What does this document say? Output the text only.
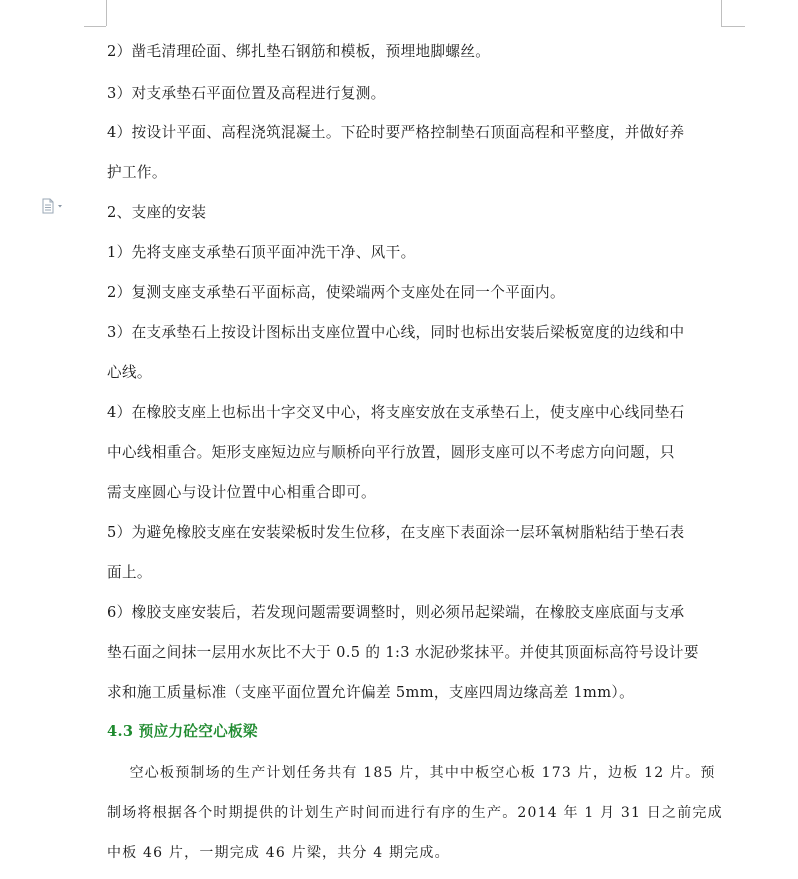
2）凿毛清理砼面、绑扎垫石钢筋和模板，预埋地脚螺丝。
3）对支承垫石平面位置及高程进行复测。
4）按设计平面、高程浇筑混凝土。下砼时要严格控制垫石顶面高程和平整度，并做好养
护工作。
2、支座的安装
1）先将支座支承垫石顶平面冲洗干净、风干。
2）复测支座支承垫石平面标高，使梁端两个支座处在同一个平面内。
3）在支承垫石上按设计图标出支座位置中心线，同时也标出安装后梁板宽度的边线和中
心线。
4）在橡胶支座上也标出十字交叉中心，将支座安放在支承垫石上，使支座中心线同垫石
中心线相重合。矩形支座短边应与顺桥向平行放置，圆形支座可以不考虑方向问题，只
需支座圆心与设计位置中心相重合即可。
5）为避免橡胶支座在安装梁板时发生位移，在支座下表面涂一层环氧树脂粘结于垫石表
面上。
6）橡胶支座安装后，若发现问题需要调整时，则必须吊起梁端，在橡胶支座底面与支承
垫石面之间抹一层用水灰比不大于 0.5 的 1:3 水泥砂浆抹平。并使其顶面标高符号设计要
求和施工质量标准（支座平面位置允许偏差 5mm，支座四周边缘高差 1mm）。
4.3 预应力砼空心板梁
空心板预制场的生产计划任务共有 185 片，其中中板空心板 173 片，边板 12 片。预
制场将根据各个时期提供的计划生产时间而进行有序的生产。2014 年 1 月 31 日之前完成
中板 46 片，一期完成 46 片梁，共分 4 期完成。
